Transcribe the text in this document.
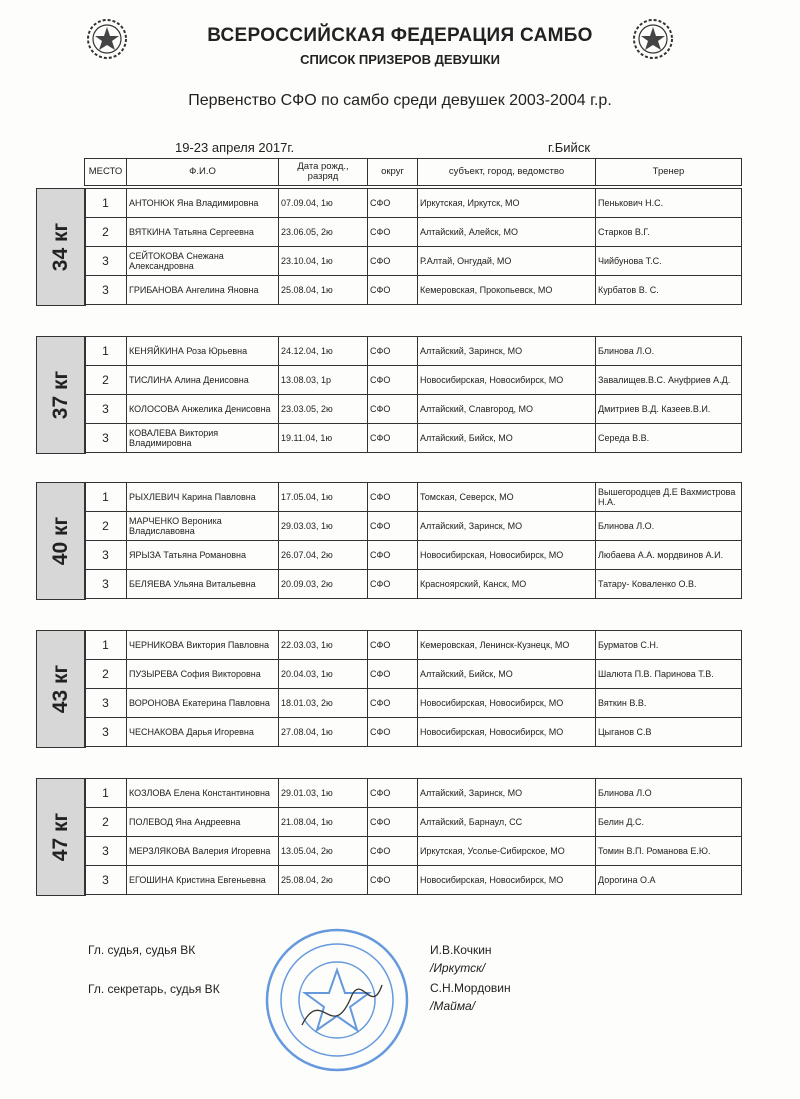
ВСЕРОССИЙСКАЯ ФЕДЕРАЦИЯ САМБО
СПИСОК ПРИЗЕРОВ ДЕВУШКИ
Первенство СФО по самбо среди девушек 2003-2004 г.р.
19-23 апреля 2017г.	г.Бийск
МЕСТО	Ф.И.О	Дата рожд., разряд	округ	субъект, город, ведомство	Тренер
34 кг
1	АНТОНЮК Яна Владимировна	07.09.04, 1ю	СФО	Иркутская, Иркутск, МО	Пенькович Н.С.
2	ВЯТКИНА Татьяна Сергеевна	23.06.05, 2ю	СФО	Алтайский, Алейск, МО	Старков В.Г.
3	СЕЙТОКОВА Снежана Александровна	23.10.04, 1ю	СФО	Р.Алтай, Онгудай, МО	Чийбунова Т.С.
3	ГРИБАНОВА Ангелина Яновна	25.08.04, 1ю	СФО	Кемеровская, Прокопьевск, МО	Курбатов В. С.
37 кг
1	КЕНЯЙКИНА Роза Юрьевна	24.12.04, 1ю	СФО	Алтайский, Заринск, МО	Блинова Л.О.
2	ТИСЛИНА Алина Денисовна	13.08.03, 1р	СФО	Новосибирская, Новосибирск, МО	Завалищев.В.С. Ануфриев А.Д.
3	КОЛОСОВА Анжелика Денисовна	23.03.05, 2ю	СФО	Алтайский, Славгород, МО	Дмитриев В.Д. Казеев.В.И.
3	КОВАЛЕВА Виктория Владимировна	19.11.04, 1ю	СФО	Алтайский, Бийск, МО	Середа В.В.
40 кг
1	РЫХЛЕВИЧ Карина Павловна	17.05.04, 1ю	СФО	Томская, Северск, МО	Вышегородцев Д.Е Вахмистрова Н.А.
2	МАРЧЕНКО Вероника Владиславовна	29.03.03, 1ю	СФО	Алтайский, Заринск, МО	Блинова Л.О.
3	ЯРЫЗА Татьяна Романовна	26.07.04, 2ю	СФО	Новосибирская, Новосибирск, МО	Любаева А.А. мордвинов А.И.
3	БЕЛЯЕВА Ульяна Витальевна	20.09.03, 2ю	СФО	Красноярский, Канск, МО	Татару- Коваленко О.В.
43 кг
1	ЧЕРНИКОВА Виктория Павловна	22.03.03, 1ю	СФО	Кемеровская, Ленинск-Кузнецк, МО	Бурматов С.Н.
2	ПУЗЫРЕВА София Викторовна	20.04.03, 1ю	СФО	Алтайский, Бийск, МО	Шалюта П.В. Паринова Т.В.
3	ВОРОНОВА Екатерина Павловна	18.01.03, 2ю	СФО	Новосибирская, Новосибирск, МО	Вяткин В.В.
3	ЧЕСНАКОВА Дарья Игоревна	27.08.04, 1ю	СФО	Новосибирская, Новосибирск, МО	Цыганов С.В
47 кг
1	КОЗЛОВА Елена Константиновна	29.01.03, 1ю	СФО	Алтайский, Заринск, МО	Блинова Л.О
2	ПОЛЕВОД Яна Андреевна	21.08.04, 1ю	СФО	Алтайский, Барнаул, СС	Белин Д.С.
3	МЕРЗЛЯКОВА Валерия Игоревна	13.05.04, 2ю	СФО	Иркутская, Усолье-Сибирское, МО	Томин В.П. Романова Е.Ю.
3	ЕГОШИНА Кристина Евгеньевна	25.08.04, 2ю	СФО	Новосибирская, Новосибирск, МО	Дорогина О.А
Гл. судья, судья ВК	И.В.Кочкин
/Иркутск/
Гл. секретарь, судья ВК	С.Н.Мордовин
/Майма/
